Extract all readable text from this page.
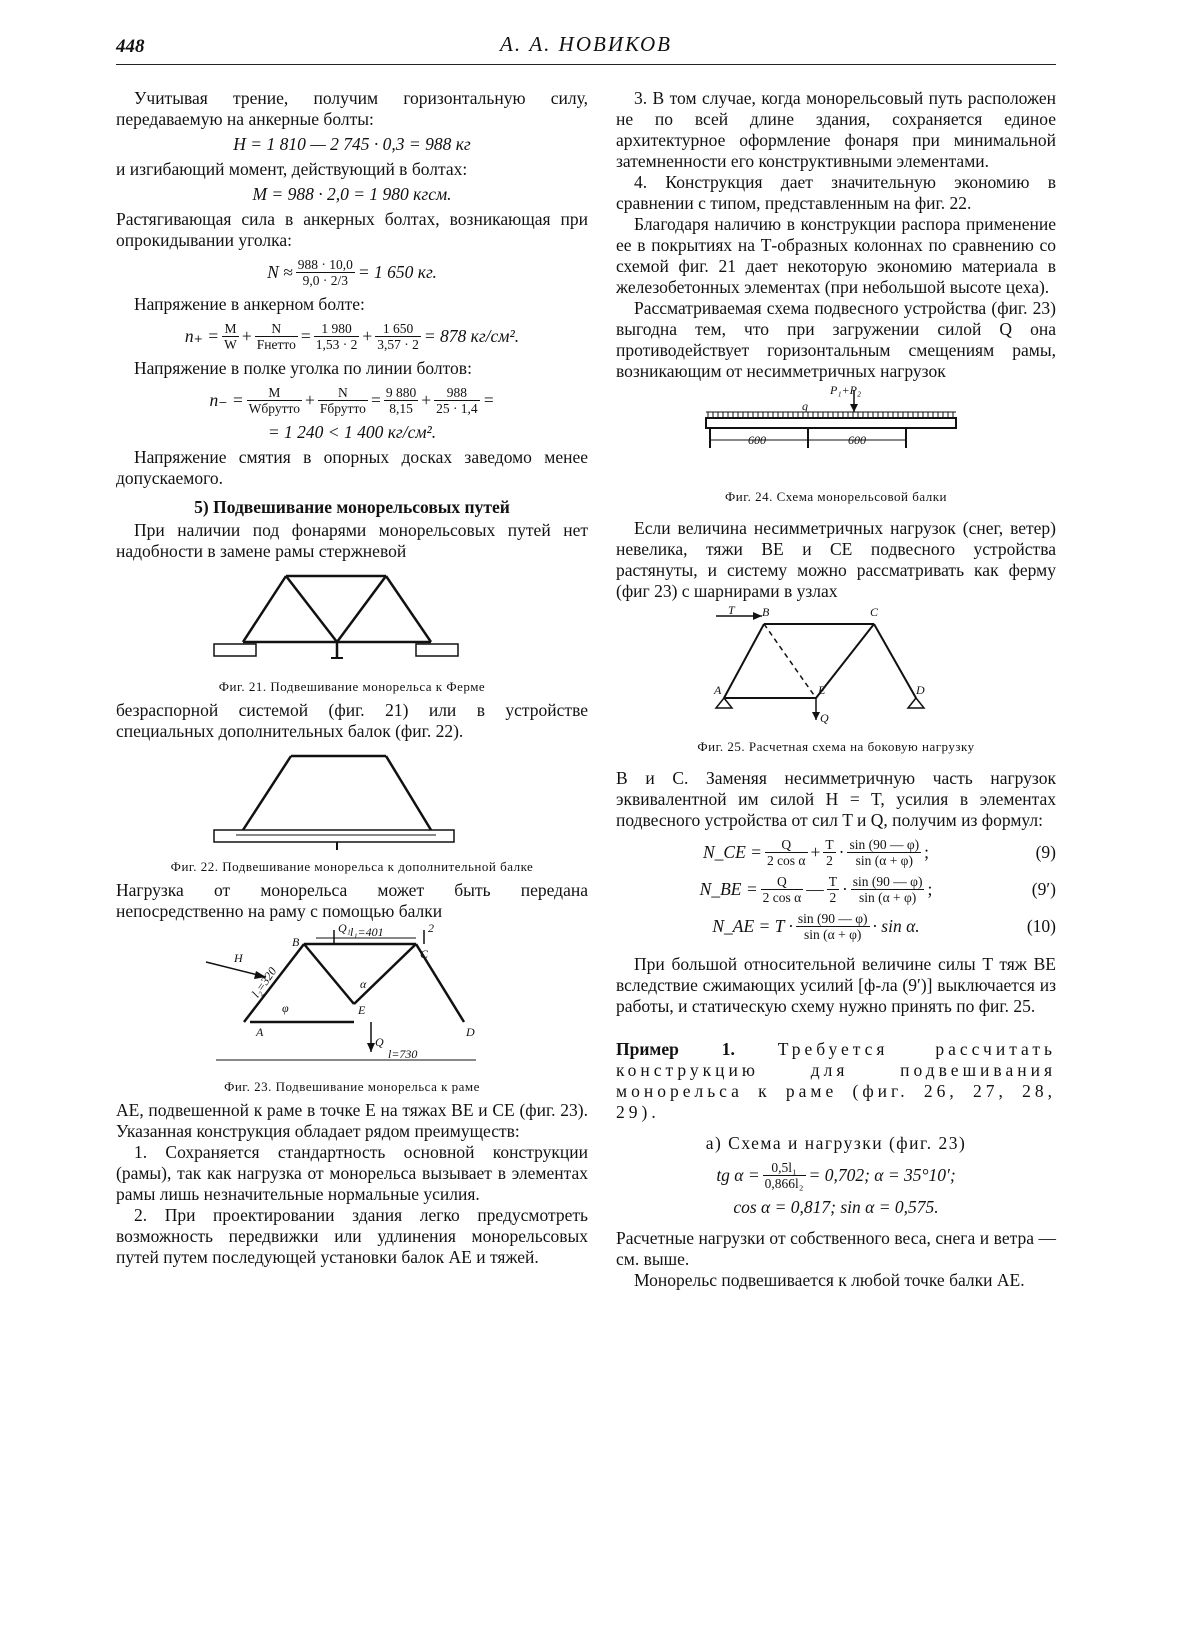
448	А. А. НОВИКОВ

Учитывая трение, получим горизонтальную силу, передаваемую на анкерные болты:

H = 1 810 — 2 745 · 0,3 = 988 кг

и изгибающий момент, действующий в болтах:

M = 988 · 2,0 = 1 980 кгсм.

Растягивающая сила в анкерных болтах, возникающая при опрокидывании уголка:

$N \approx \frac{988 \cdot 10,0}{9,0 \cdot 2/3} = 1$ 650 кг.

Напряжение в анкерном болте:

$n_+ = \frac{M}{W} + \frac{N}{\text{Fнетто}} = \frac{1 980}{1,53 \cdot 2} + \frac{1 650}{3,57 \cdot 2} = 878$ кг/см².

Напряжение в полке уголка по линии болтов:

$n_- = \frac{M}{\text{Wбрутто}} + \frac{N}{\text{Fбрутто}} = \frac{9 880}{8,15} + \frac{988}{25 \cdot 1,4}$ =
= 1 240 < 1 400 кг/см².

Напряжение смятия в опорных досках заведомо менее допускаемого.

5) Подвешивание монорельсовых путей

При наличии под фонарями монорельсовых путей нет надобности в замене рамы стержневой

Фиг. 21. Подвешивание монорельса к Ферме

безраспорной системой (фиг. 21) или в устройстве специальных дополнительных балок (фиг. 22).

Фиг. 22. Подвешивание монорельса к дополнительной балке

Нагрузка от монорельса может быть передана непосредственно на раму с помощью балки

H
Q₁ l₁=401	2
B
C
l₂=320
φ
α
E
A	D
Q
l=730
Фиг. 23. Подвешивание монорельса к раме

AE, подвешенной к раме в точке E на тяжах BE и CE (фиг. 23). Указанная конструкция обладает рядом преимуществ:

1. Сохраняется стандартность основной конструкции (рамы), так как нагрузка от монорельса вызывает в элементах рамы лишь незначительные нормальные усилия.

2. При проектировании здания легко предусмотреть возможность передвижки или удлинения монорельсовых путей путем последующей установки балок AE и тяжей.

3. В том случае, когда монорельсовый путь расположен не по всей длине здания, сохраняется единое архитектурное оформление фонаря при минимальной затемненности его конструктивными элементами.

4. Конструкция дает значительную экономию в сравнении с типом, представленным на фиг. 22.

Благодаря наличию в конструкции распора применение ее в покрытиях на Т-образных колоннах по сравнению со схемой фиг. 21 дает некоторую экономию материала в железобетонных элементах (при небольшой высоте цеха).

Рассматриваемая схема подвесного устройства (фиг. 23) выгодна тем, что при загружении силой Q она противодействует горизонтальным смещениям рамы, возникающим от несимметричных нагрузок

P₁+P₂
q
600	600
Фиг. 24. Схема монорельсовой балки

Если величина несимметричных нагрузок (снег, ветер) невелика, тяжи BE и CE подвесного устройства растянуты, и систему можно рассматривать как ферму (фиг 23) с шарнирами в узлах

T B	C
A	E	D
Q
Фиг. 25. Расчетная схема на боковую нагрузку

B и C. Заменяя несимметричную часть нагрузок эквивалентной им силой H = T, усилия в элементах подвесного устройства от сил T и Q, получим из формул:

N_CE = $\frac{Q}{\text{2 cos α}} + \frac{T}{2} \cdot \frac{\sin (90 — \varphi)}{\sin (\alpha + \varphi)}$ ;	(9)
N_BE = $\frac{Q}{\text{2 cos α}}$ — $\frac{T}{2} \cdot \frac{\sin (90 — \varphi)}{\sin (\alpha + \varphi)}$ ;	(9′)
N_AE = $T \cdot \frac{\sin (90 — \varphi)}{\sin (\alpha + \varphi)} \cdot \sin \alpha$.	(10)

При большой относительной величине силы T тяж BE вследствие сжимающих усилий [ф-ла (9′)] выключается из работы, и статическую схему нужно принять по фиг. 25.

Пример 1. Требуется рассчитать конструкцию для подвешивания монорельса к раме (фиг. 26, 27, 28, 29).

а) Схема и нагрузки (фиг. 23)
tg $\alpha = \frac{\text{0,5l₁}}{\text{0,866l₂}} = 0,702$; α = 35°10′;
cos α = 0,817; sin α = 0,575.

Расчетные нагрузки от собственного веса, снега и ветра — см. выше.

Монорельс подвешивается к любой точке балки AE.
